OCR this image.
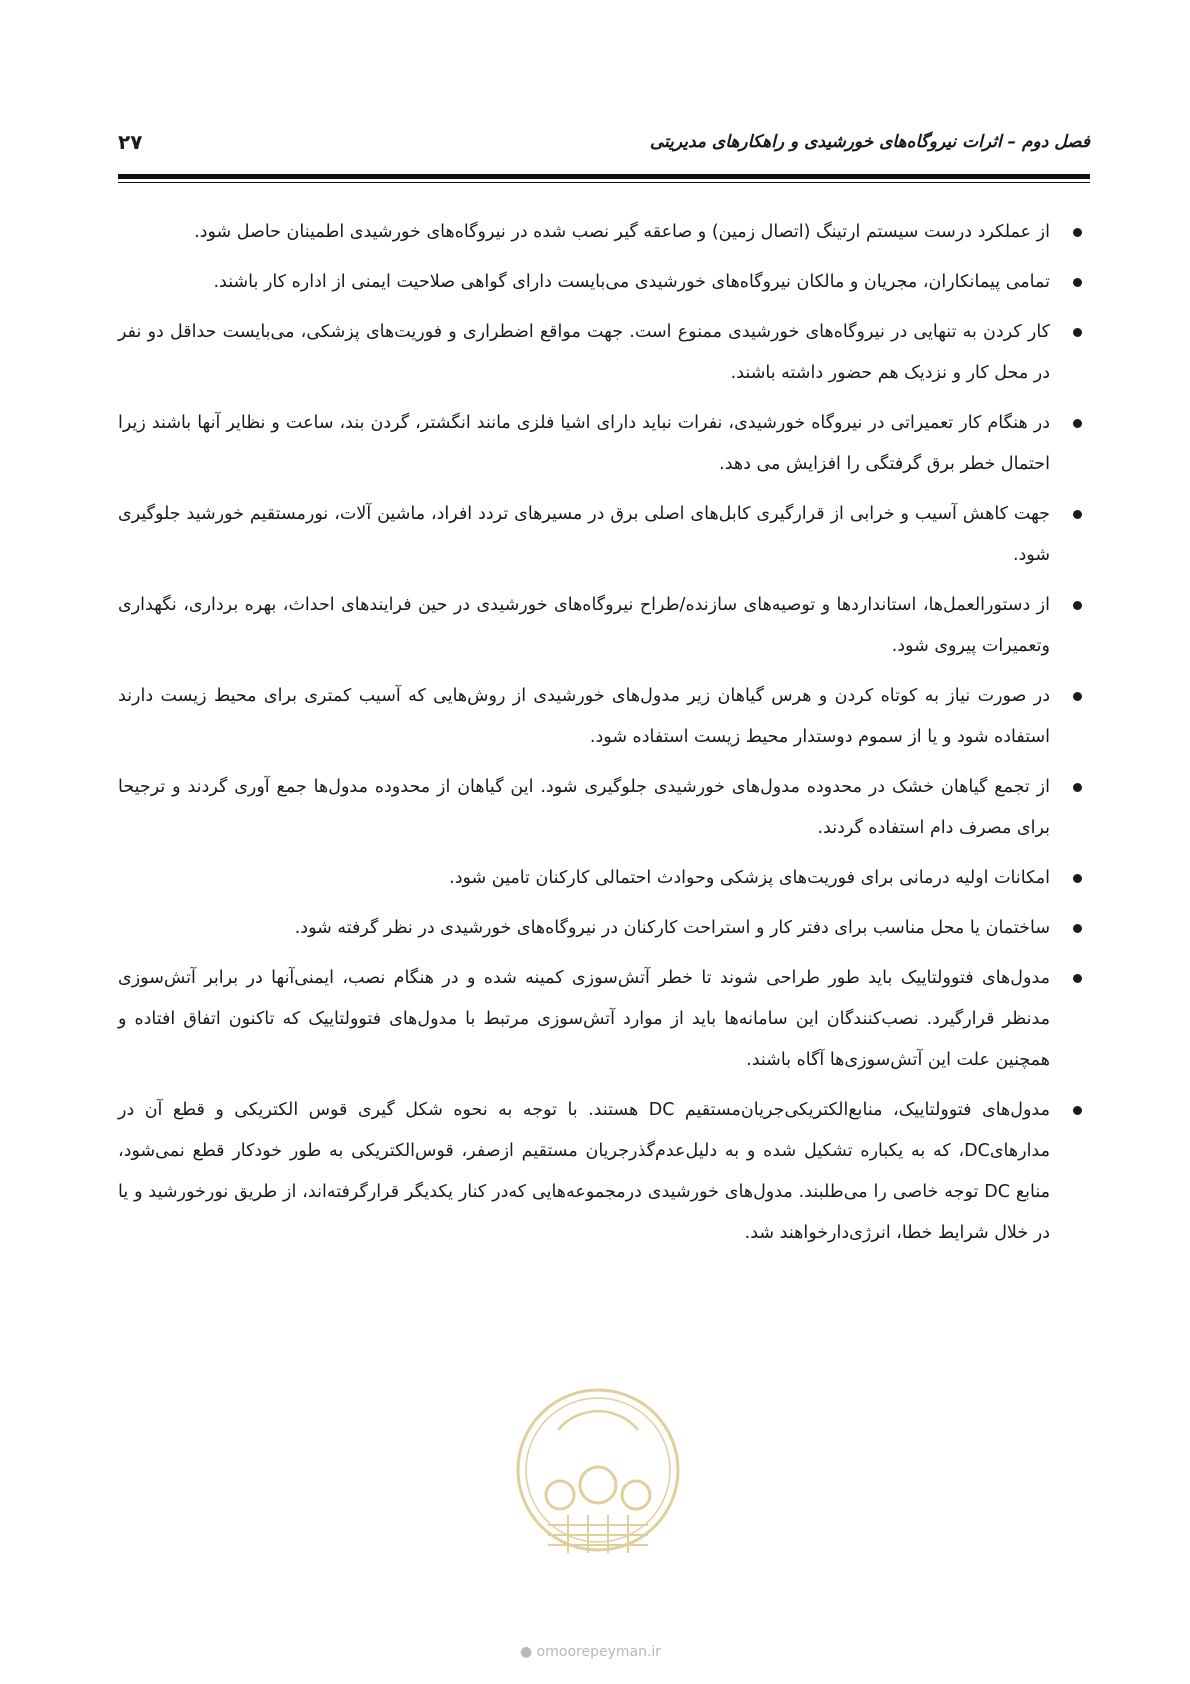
فصل دوم – اثرات نیروگاه‌های خورشیدی و راهکارهای مدیریتی
۲۷
از عملکرد درست سیستم ارتینگ (اتصال زمین) و صاعقه گیر نصب شده در نیروگاه‌های خورشیدی اطمینان حاصل شود.
تمامی پیمانکاران، مجریان و مالکان نیروگاه‌های خورشیدی می‌بایست دارای گواهی صلاحیت ایمنی از اداره کار باشند.
کار کردن به تنهایی در نیروگاه‌های خورشیدی ممنوع است. جهت مواقع اضطراری و فوریت‌های پزشکی، می‌بایست حداقل دو نفر در محل کار و نزدیک هم حضور داشته باشند.
در هنگام کار تعمیراتی در نیروگاه خورشیدی، نفرات نباید دارای اشیا فلزی مانند انگشتر، گردن بند، ساعت و نظایر آنها باشند زیرا احتمال خطر برق گرفتگی را افزایش می دهد.
جهت کاهش آسیب و خرابی از قرارگیری کابل‌های اصلی برق در مسیرهای تردد افراد، ماشین آلات، نورمستقیم خورشید جلوگیری شود.
از دستورالعمل‌ها، استانداردها و توصیه‌های سازنده/طراح نیروگاه‌های خورشیدی در حین فرایندهای احداث، بهره برداری، نگهداری وتعمیرات پیروی شود.
در صورت نیاز به کوتاه کردن و هرس گیاهان زیر مدول‌های خورشیدی از روش‌هایی که آسیب کمتری برای محیط زیست دارند استفاده شود و یا از سموم دوستدار محیط زیست استفاده شود.
از تجمع گیاهان خشک در محدوده مدول‌های خورشیدی جلوگیری شود. این گیاهان از محدوده مدول‌ها جمع آوری گردند و ترجیحا برای مصرف دام استفاده گردند.
امکانات اولیه درمانی برای فوریت‌های پزشکی وحوادث احتمالی کارکنان تامین شود.
ساختمان یا محل مناسب برای دفتر کار و استراحت کارکنان در نیروگاه‌های خورشیدی در نظر گرفته شود.
مدول‌های فتوولتاییک باید طور طراحی شوند تا خطر آتش‌سوزی کمینه شده و در هنگام نصب، ایمنی‌آنها در برابر آتش‌سوزی مدنظر قرارگیرد. نصب‌کنندگان این سامانه‌ها باید از موارد آتش‌سوزی مرتبط با مدول‌های فتوولتاییک که تاکنون اتفاق افتاده و همچنین علت این آتش‌سوزی‌ها آگاه باشند.
مدول‌های فتوولتاییک، منابع‌الکتریکی‌جریان‌مستقیم DC هستند. با توجه به نحوه شکل گیری قوس الکتریکی و قطع آن در مدارهایDC، که به یکباره تشکیل شده و به دلیل‌عدم‌گذرجریان مستقیم ازصفر، قوس‌الکتریکی به طور خودکار قطع نمی‌شود، منابع DC توجه خاصی را می‌طلبند. مدول‌های خورشیدی درمجموعه‌هایی که‌در کنار یکدیگر قرارگرفته‌اند، از طریق نورخورشید و یا در خلال شرایط خطا، انرژی‌دارخواهند شد.
● omoorepeyman.ir
